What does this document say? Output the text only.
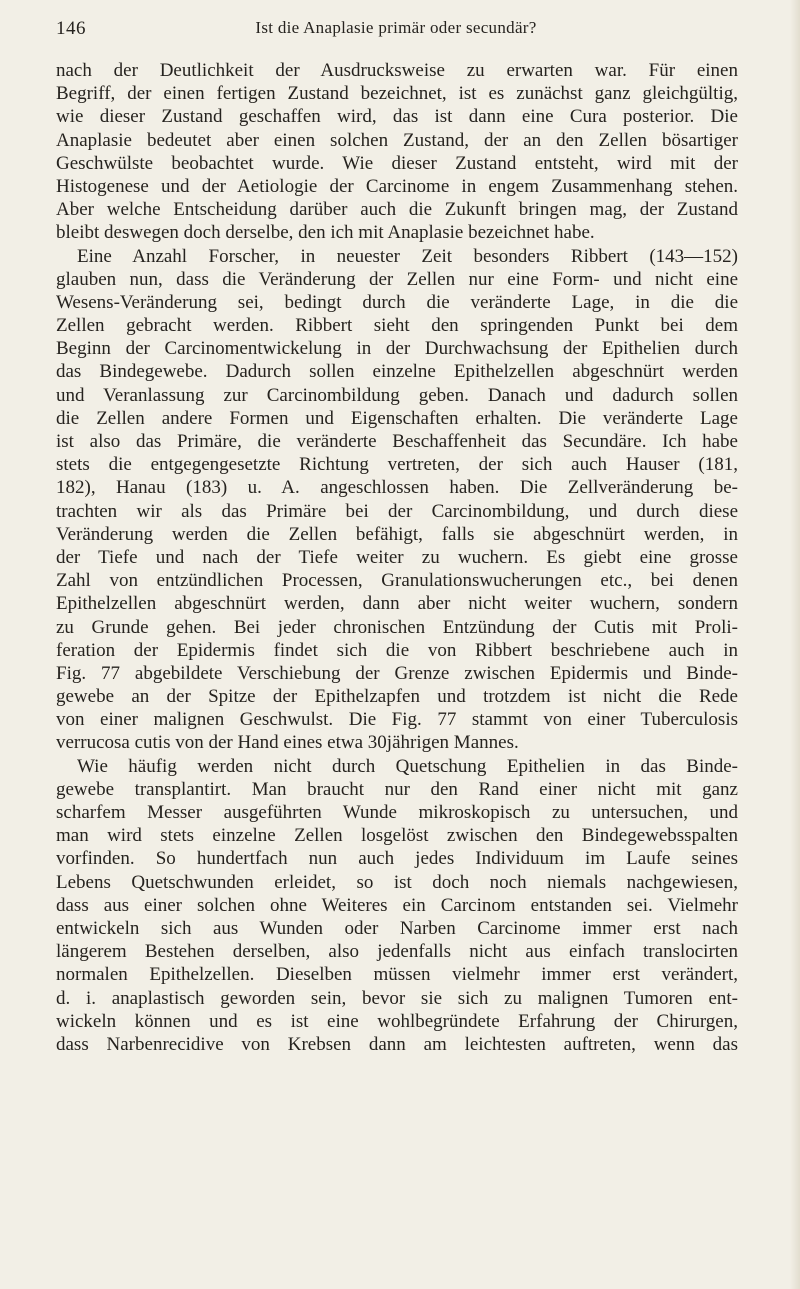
146	Ist die Anaplasie primär oder secundär?
nach der Deutlichkeit der Ausdrucksweise zu erwarten war. Für einen
Begriff, der einen fertigen Zustand bezeichnet, ist es zunächst ganz gleichgültig,
wie dieser Zustand geschaffen wird, das ist dann eine Cura posterior. Die
Anaplasie bedeutet aber einen solchen Zustand, der an den Zellen bösartiger
Geschwülste beobachtet wurde. Wie dieser Zustand entsteht, wird mit der
Histogenese und der Aetiologie der Carcinome in engem Zusammenhang stehen.
Aber welche Entscheidung darüber auch die Zukunft bringen mag, der Zustand
bleibt deswegen doch derselbe, den ich mit Anaplasie bezeichnet habe.
Eine Anzahl Forscher, in neuester Zeit besonders Ribbert (143—152)
glauben nun, dass die Veränderung der Zellen nur eine Form- und nicht eine
Wesens-Veränderung sei, bedingt durch die veränderte Lage, in die die
Zellen gebracht werden. Ribbert sieht den springenden Punkt bei dem
Beginn der Carcinomentwickelung in der Durchwachsung der Epithelien durch
das Bindegewebe. Dadurch sollen einzelne Epithelzellen abgeschnürt werden
und Veranlassung zur Carcinombildung geben. Danach und dadurch sollen
die Zellen andere Formen und Eigenschaften erhalten. Die veränderte Lage
ist also das Primäre, die veränderte Beschaffenheit das Secundäre. Ich habe
stets die entgegengesetzte Richtung vertreten, der sich auch Hauser (181,
182), Hanau (183) u. A. angeschlossen haben. Die Zellveränderung be-
trachten wir als das Primäre bei der Carcinombildung, und durch diese
Veränderung werden die Zellen befähigt, falls sie abgeschnürt werden, in
der Tiefe und nach der Tiefe weiter zu wuchern. Es giebt eine grosse
Zahl von entzündlichen Processen, Granulationswucherungen etc., bei denen
Epithelzellen abgeschnürt werden, dann aber nicht weiter wuchern, sondern
zu Grunde gehen. Bei jeder chronischen Entzündung der Cutis mit Proli-
feration der Epidermis findet sich die von Ribbert beschriebene auch in
Fig. 77 abgebildete Verschiebung der Grenze zwischen Epidermis und Binde-
gewebe an der Spitze der Epithelzapfen und trotzdem ist nicht die Rede
von einer malignen Geschwulst. Die Fig. 77 stammt von einer Tuberculosis
verrucosa cutis von der Hand eines etwa 30jährigen Mannes.
Wie häufig werden nicht durch Quetschung Epithelien in das Binde-
gewebe transplantirt. Man braucht nur den Rand einer nicht mit ganz
scharfem Messer ausgeführten Wunde mikroskopisch zu untersuchen, und
man wird stets einzelne Zellen losgelöst zwischen den Bindegewebsspalten
vorfinden. So hundertfach nun auch jedes Individuum im Laufe seines
Lebens Quetschwunden erleidet, so ist doch noch niemals nachgewiesen,
dass aus einer solchen ohne Weiteres ein Carcinom entstanden sei. Vielmehr
entwickeln sich aus Wunden oder Narben Carcinome immer erst nach
längerem Bestehen derselben, also jedenfalls nicht aus einfach translocirten
normalen Epithelzellen. Dieselben müssen vielmehr immer erst verändert,
d. i. anaplastisch geworden sein, bevor sie sich zu malignen Tumoren ent-
wickeln können und es ist eine wohlbegründete Erfahrung der Chirurgen,
dass Narbenrecidive von Krebsen dann am leichtesten auftreten, wenn das
